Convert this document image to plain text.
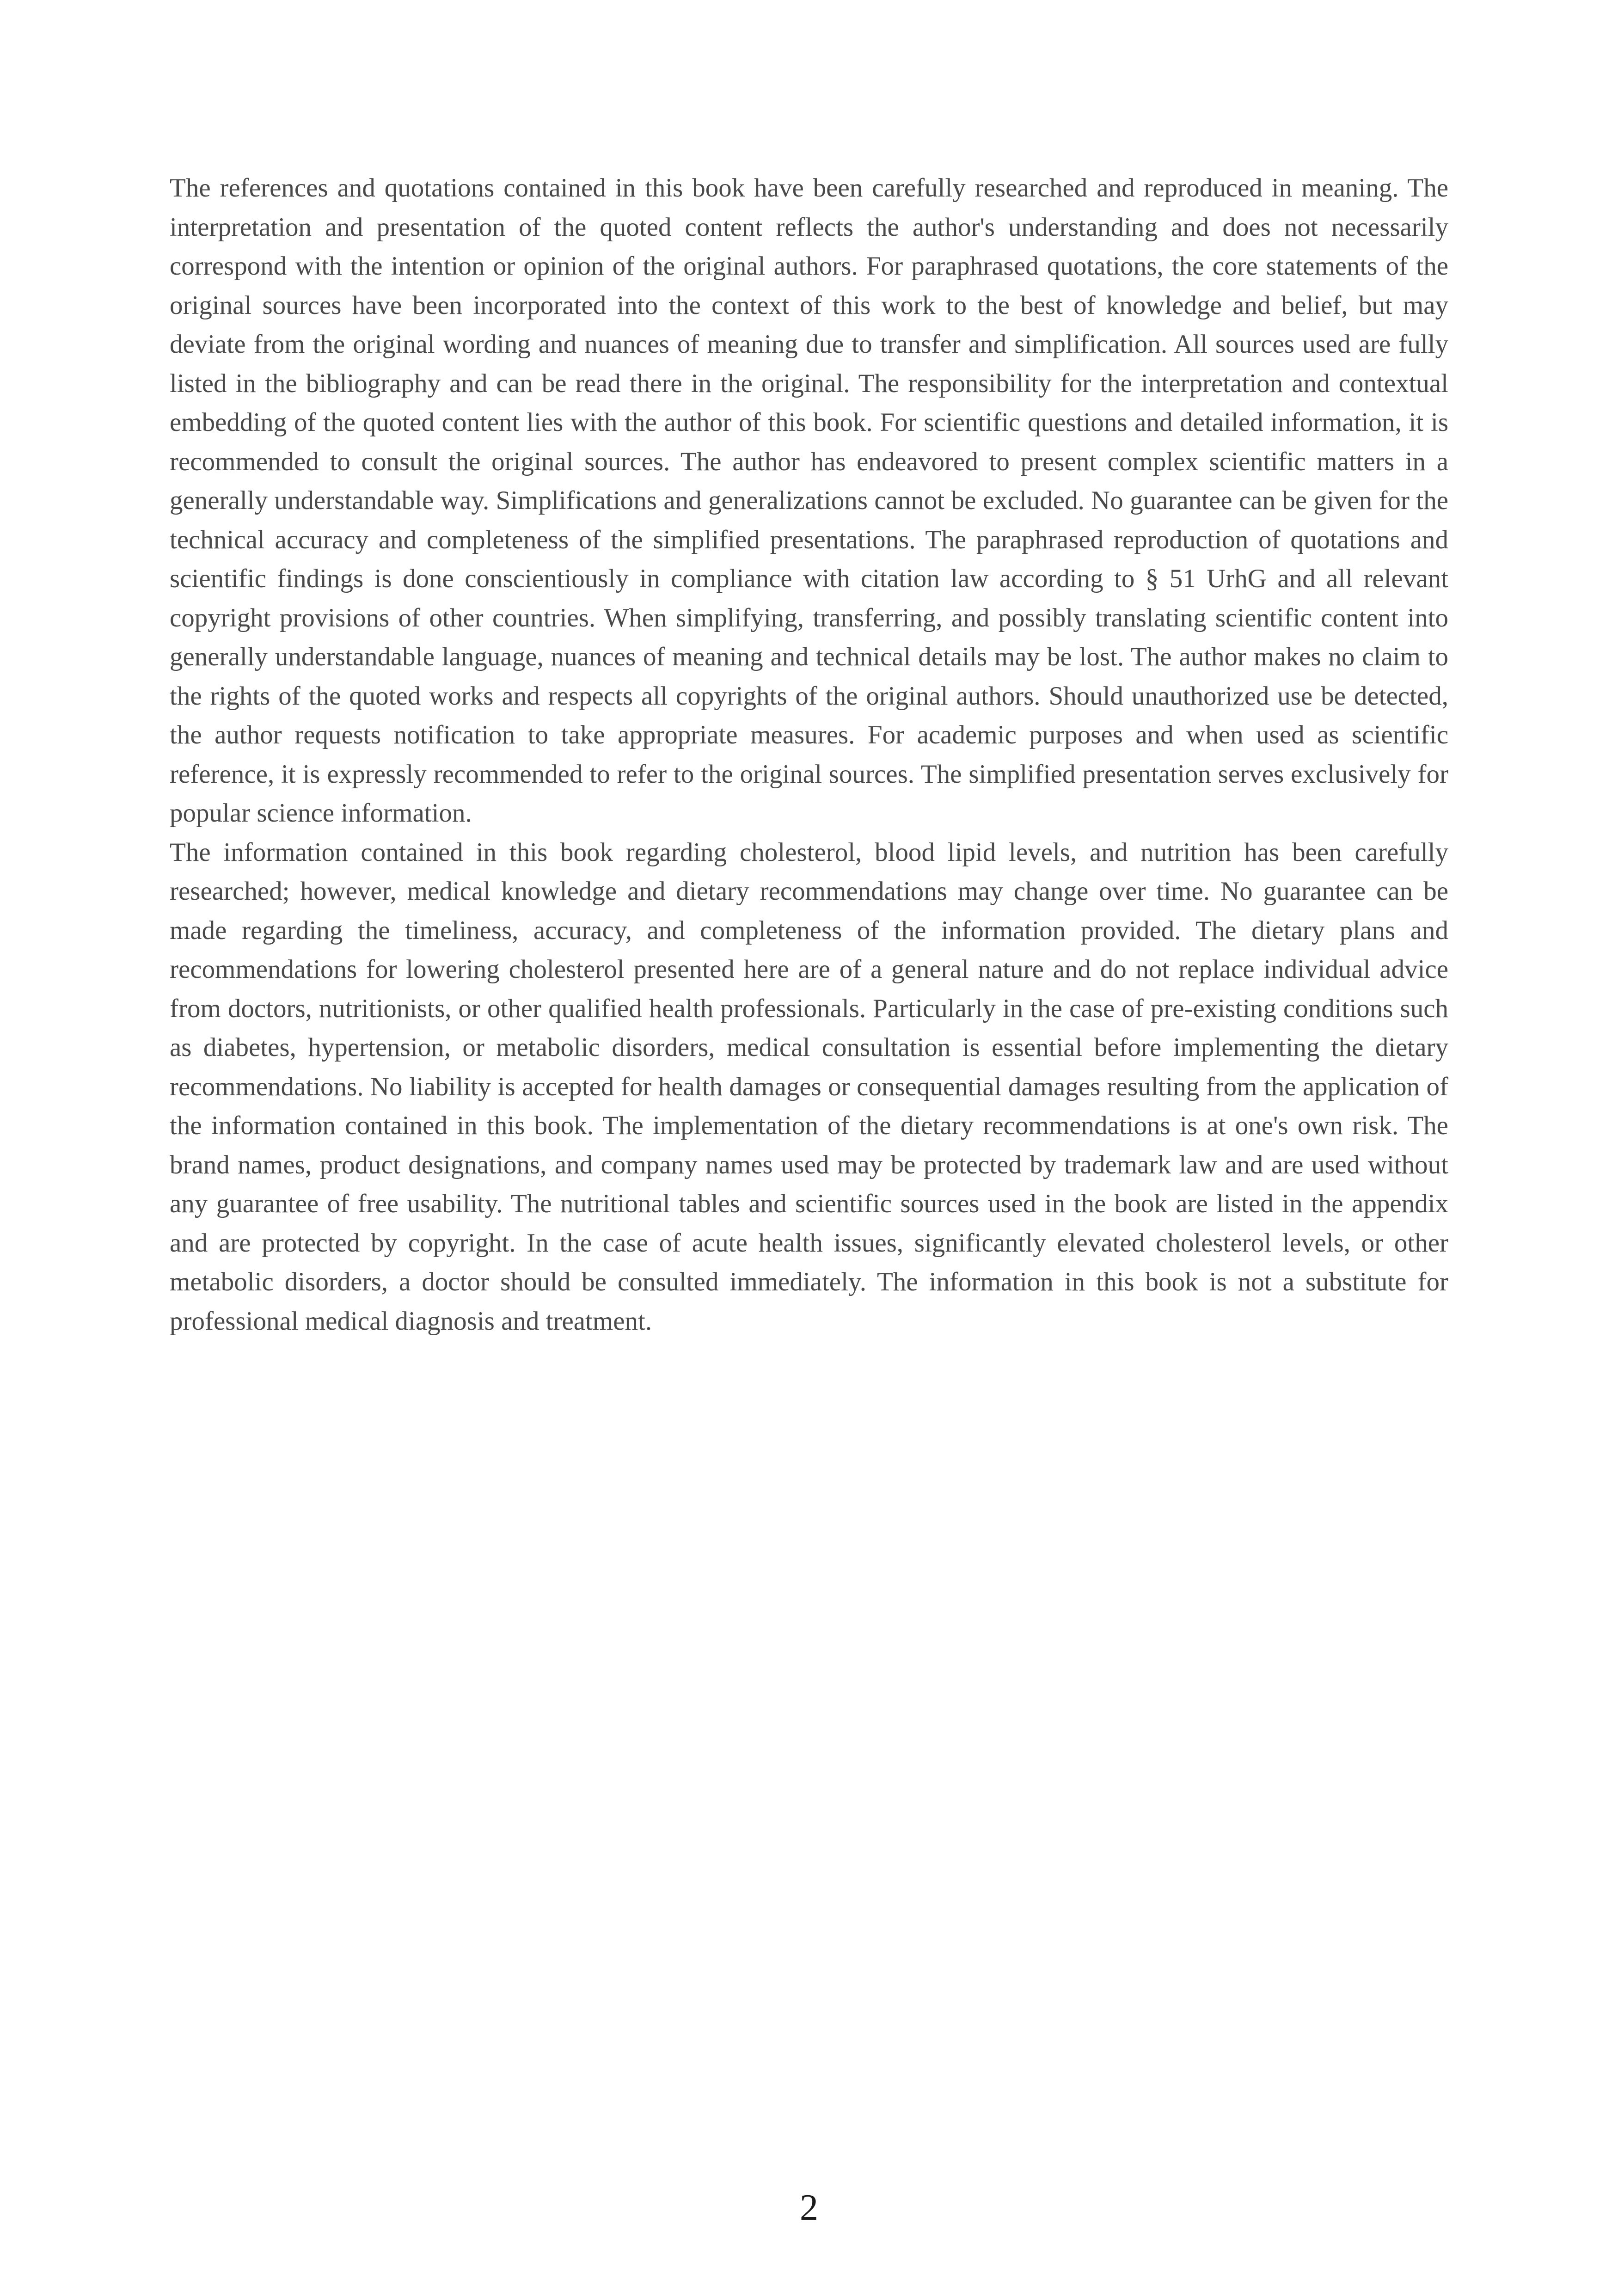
The references and quotations contained in this book have been carefully researched and reproduced in meaning. The interpretation and presentation of the quoted content reflects the author's understanding and does not necessarily correspond with the intention or opinion of the original authors. For paraphrased quotations, the core statements of the original sources have been incorporated into the context of this work to the best of knowledge and belief, but may deviate from the original wording and nuances of meaning due to transfer and simplification. All sources used are fully listed in the bibliography and can be read there in the original. The responsibility for the interpretation and contextual embedding of the quoted content lies with the author of this book. For scientific questions and detailed information, it is recommended to consult the original sources. The author has endeavored to present complex scientific matters in a generally understandable way. Simplifications and generalizations cannot be excluded. No guarantee can be given for the technical accuracy and completeness of the simplified presentations. The paraphrased reproduction of quotations and scientific findings is done conscientiously in compliance with citation law according to § 51 UrhG and all relevant copyright provisions of other countries. When simplifying, transferring, and possibly translating scientific content into generally understandable language, nuances of meaning and technical details may be lost. The author makes no claim to the rights of the quoted works and respects all copyrights of the original authors. Should unauthorized use be detected, the author requests notification to take appropriate measures. For academic purposes and when used as scientific reference, it is expressly recommended to refer to the original sources. The simplified presentation serves exclusively for popular science information.

The information contained in this book regarding cholesterol, blood lipid levels, and nutrition has been carefully researched; however, medical knowledge and dietary recommendations may change over time. No guarantee can be made regarding the timeliness, accuracy, and completeness of the information provided. The dietary plans and recommendations for lowering cholesterol presented here are of a general nature and do not replace individual advice from doctors, nutritionists, or other qualified health professionals. Particularly in the case of pre-existing conditions such as diabetes, hypertension, or metabolic disorders, medical consultation is essential before implementing the dietary recommendations. No liability is accepted for health damages or consequential damages resulting from the application of the information contained in this book. The implementation of the dietary recommendations is at one's own risk. The brand names, product designations, and company names used may be protected by trademark law and are used without any guarantee of free usability. The nutritional tables and scientific sources used in the book are listed in the appendix and are protected by copyright. In the case of acute health issues, significantly elevated cholesterol levels, or other metabolic disorders, a doctor should be consulted immediately. The information in this book is not a substitute for professional medical diagnosis and treatment.

2
